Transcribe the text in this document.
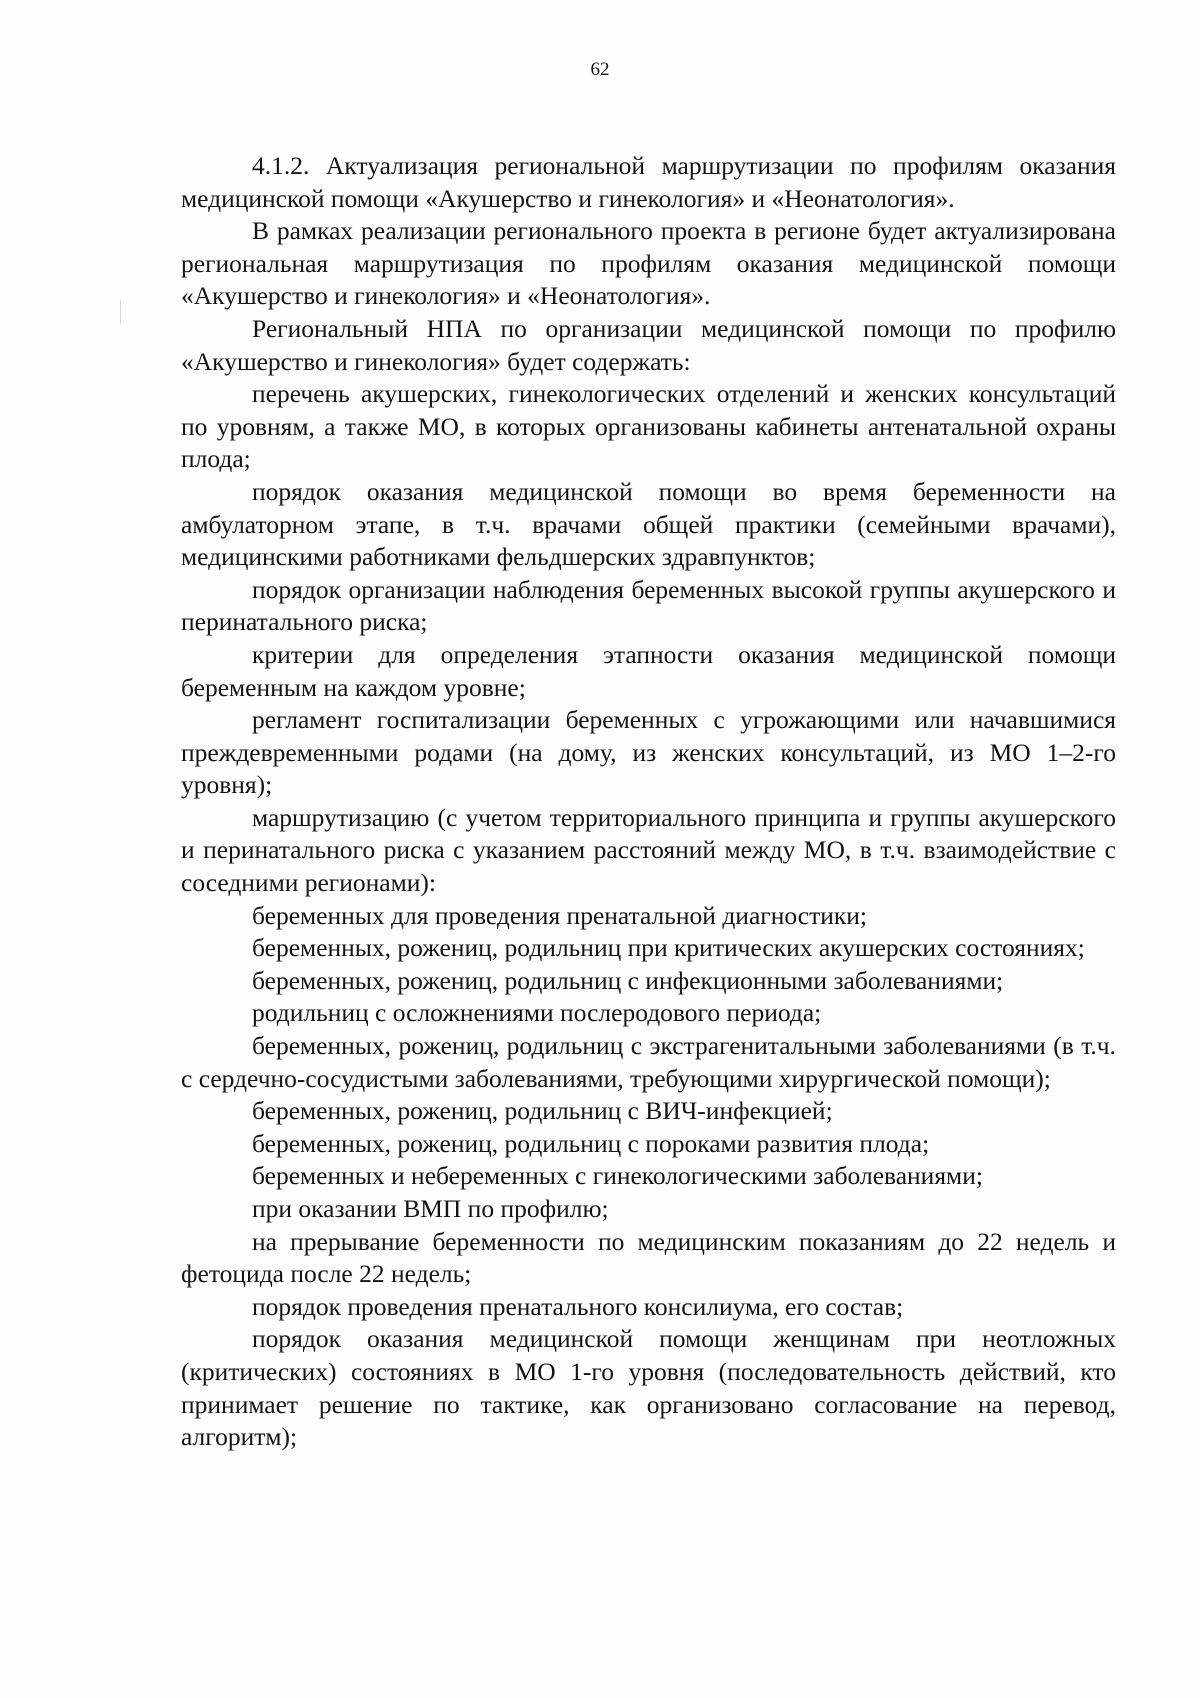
62

4.1.2. Актуализация региональной маршрутизации по профилям оказания медицинской помощи «Акушерство и гинекология» и «Неонатология».

В рамках реализации регионального проекта в регионе будет актуализирована региональная маршрутизация по профилям оказания медицинской помощи «Акушерство и гинекология» и «Неонатология».

Региональный НПА по организации медицинской помощи по профилю «Акушерство и гинекология» будет содержать:

перечень акушерских, гинекологических отделений и женских консультаций по уровням, а также МО, в которых организованы кабинеты антенатальной охраны плода;

порядок оказания медицинской помощи во время беременности на амбулаторном этапе, в т.ч. врачами общей практики (семейными врачами), медицинскими работниками фельдшерских здравпунктов;

порядок организации наблюдения беременных высокой группы акушерского и перинатального риска;

критерии для определения этапности оказания медицинской помощи беременным на каждом уровне;

регламент госпитализации беременных с угрожающими или начавшимися преждевременными родами (на дому, из женских консультаций, из МО 1–2-го уровня);

маршрутизацию (с учетом территориального принципа и группы акушерского и перинатального риска с указанием расстояний между МО, в т.ч. взаимодействие с соседними регионами):

беременных для проведения пренатальной диагностики;

беременных, рожениц, родильниц при критических акушерских состояниях;

беременных, рожениц, родильниц с инфекционными заболеваниями;

родильниц с осложнениями послеродового периода;

беременных, рожениц, родильниц с экстрагенитальными заболеваниями (в т.ч. с сердечно-сосудистыми заболеваниями, требующими хирургической помощи);

беременных, рожениц, родильниц с ВИЧ-инфекцией;

беременных, рожениц, родильниц с пороками развития плода;

беременных и небеременных с гинекологическими заболеваниями;

при оказании ВМП по профилю;

на прерывание беременности по медицинским показаниям до 22 недель и фетоцида после 22 недель;

порядок проведения пренатального консилиума, его состав;

порядок оказания медицинской помощи женщинам при неотложных (критических) состояниях в МО 1-го уровня (последовательность действий, кто принимает решение по тактике, как организовано согласование на перевод, алгоритм);
